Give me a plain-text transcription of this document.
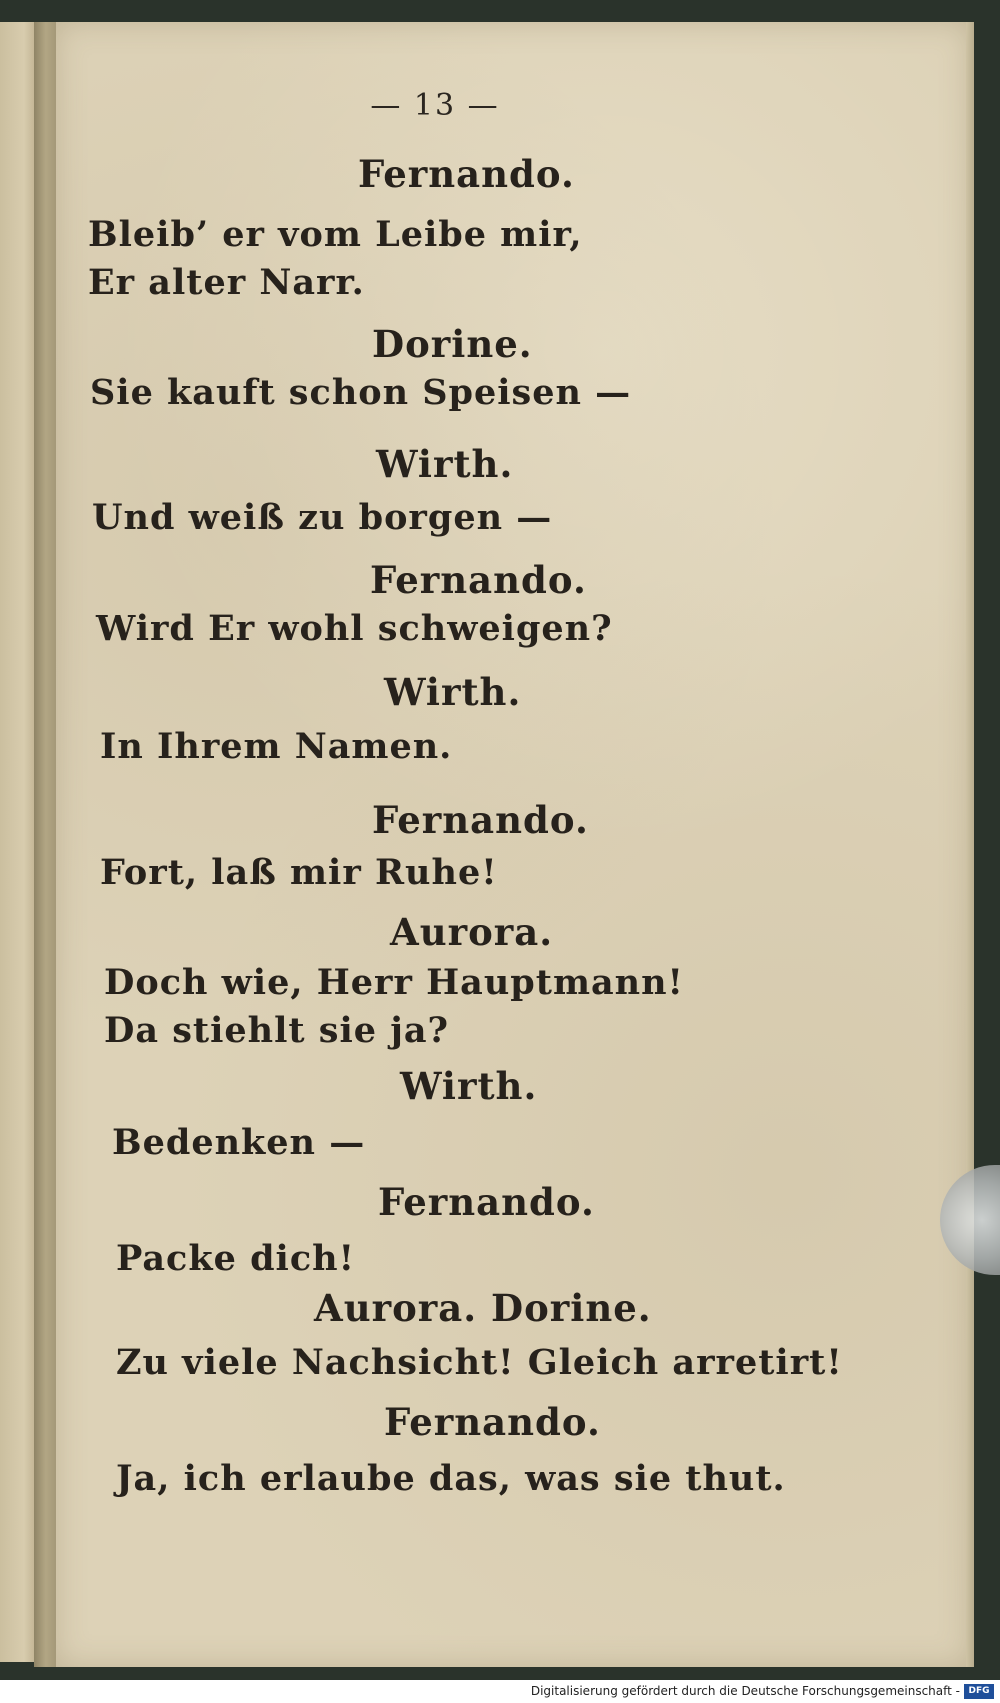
— 13 —

Fernando.

Bleib’ er vom Leibe mir,

Er alter Narr.

Dorine.

Sie kauft schon Speisen —

Wirth.

Und weiß zu borgen —

Fernando.

Wird Er wohl schweigen?

Wirth.

In Ihrem Namen.

Fernando.

Fort, laß mir Ruhe!

Aurora.

Doch wie, Herr Hauptmann!

Da stiehlt sie ja?

Wirth.

Bedenken —

Fernando.

Packe dich!

Aurora. Dorine.

Zu viele Nachsicht! Gleich arretirt!

Fernando.

Ja, ich erlaube das, was sie thut.

Digitalisierung gefördert durch die Deutsche Forschungsgemeinschaft - DFG
